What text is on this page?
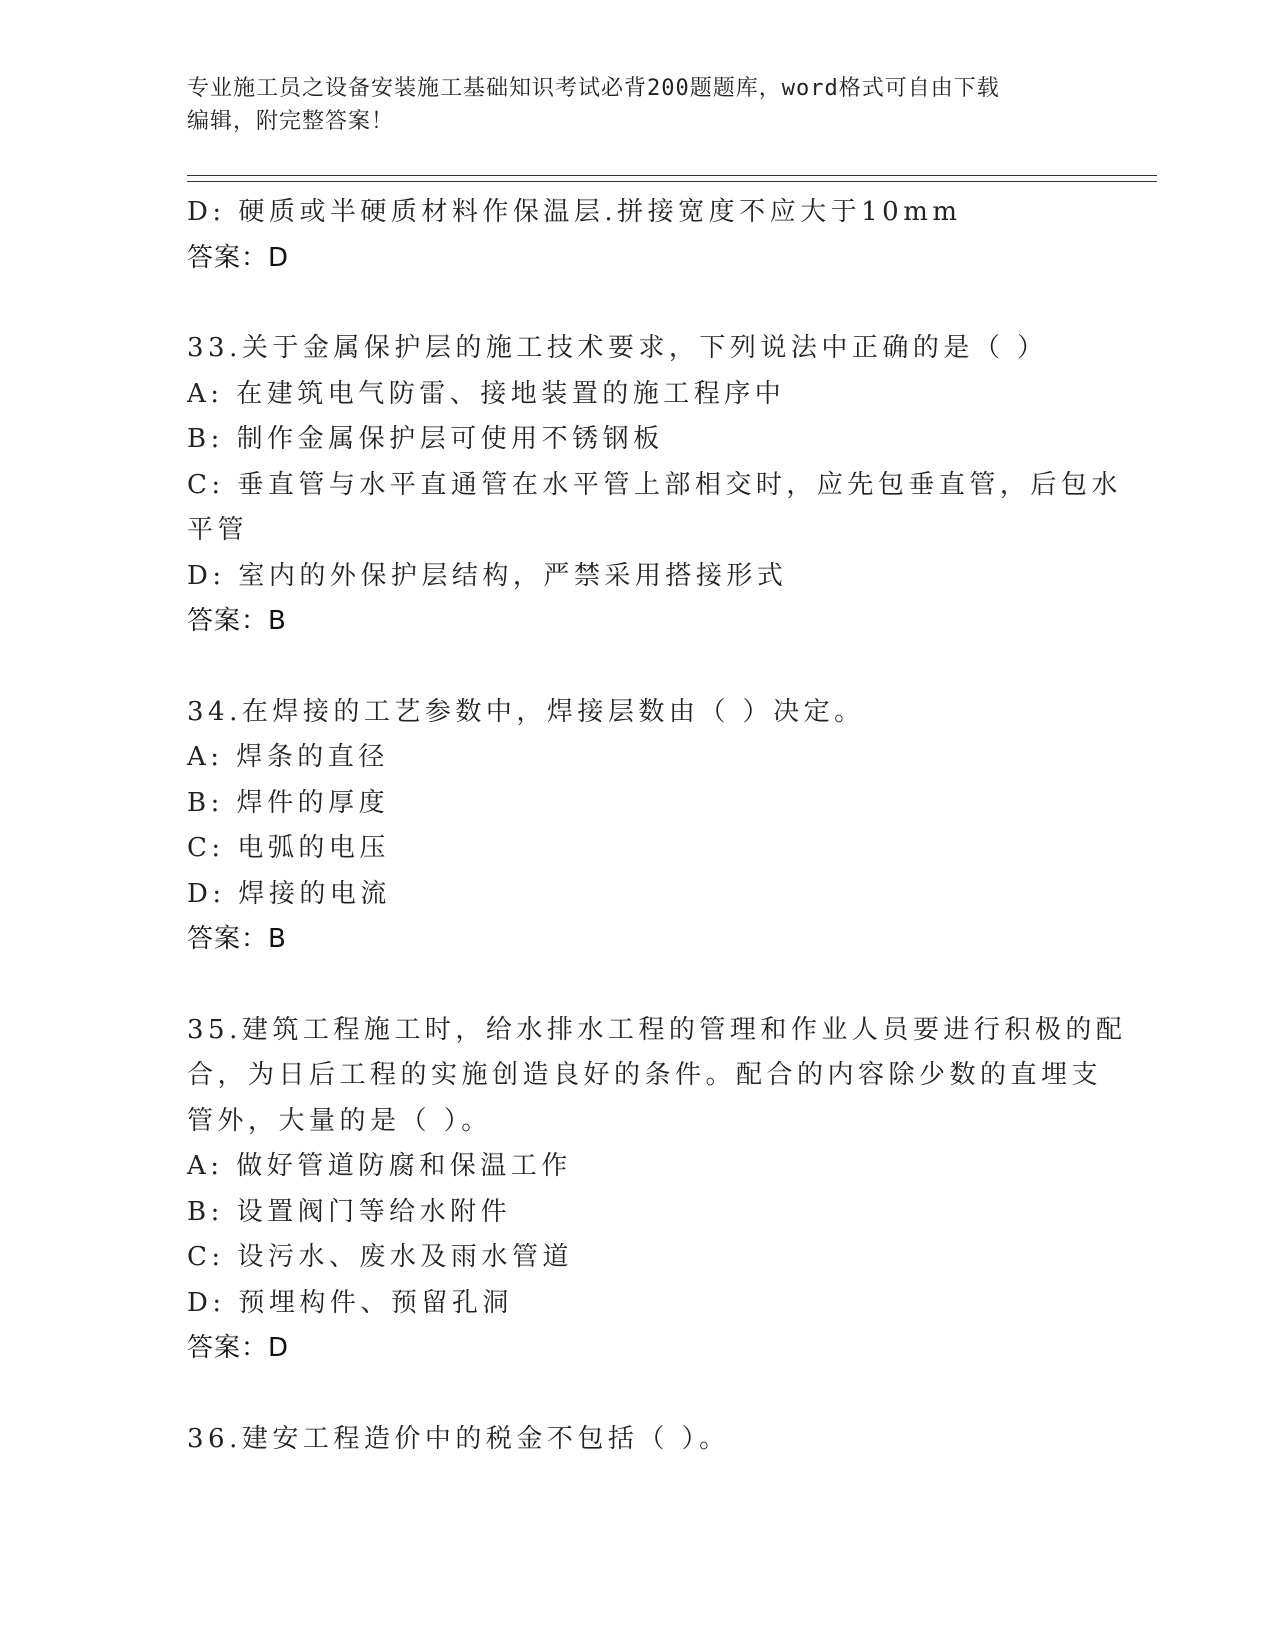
专业施工员之设备安装施工基础知识考试必背200题题库，word格式可自由下载
编辑，附完整答案！
D: 硬质或半硬质材料作保温层.拼接宽度不应大于10mm
答案：D
33.关于金属保护层的施工技术要求，下列说法中正确的是（ ）
A: 在建筑电气防雷、接地装置的施工程序中
B: 制作金属保护层可使用不锈钢板
C: 垂直管与水平直通管在水平管上部相交时，应先包垂直管，后包水
平管
D: 室内的外保护层结构，严禁采用搭接形式
答案：B
34.在焊接的工艺参数中，焊接层数由（ ）决定。
A: 焊条的直径
B: 焊件的厚度
C: 电弧的电压
D: 焊接的电流
答案：B
35.建筑工程施工时，给水排水工程的管理和作业人员要进行积极的配
合，为日后工程的实施创造良好的条件。配合的内容除少数的直埋支
管外，大量的是（ ）。
A: 做好管道防腐和保温工作
B: 设置阀门等给水附件
C: 设污水、废水及雨水管道
D: 预埋构件、预留孔洞
答案：D
36.建安工程造价中的税金不包括（ ）。
